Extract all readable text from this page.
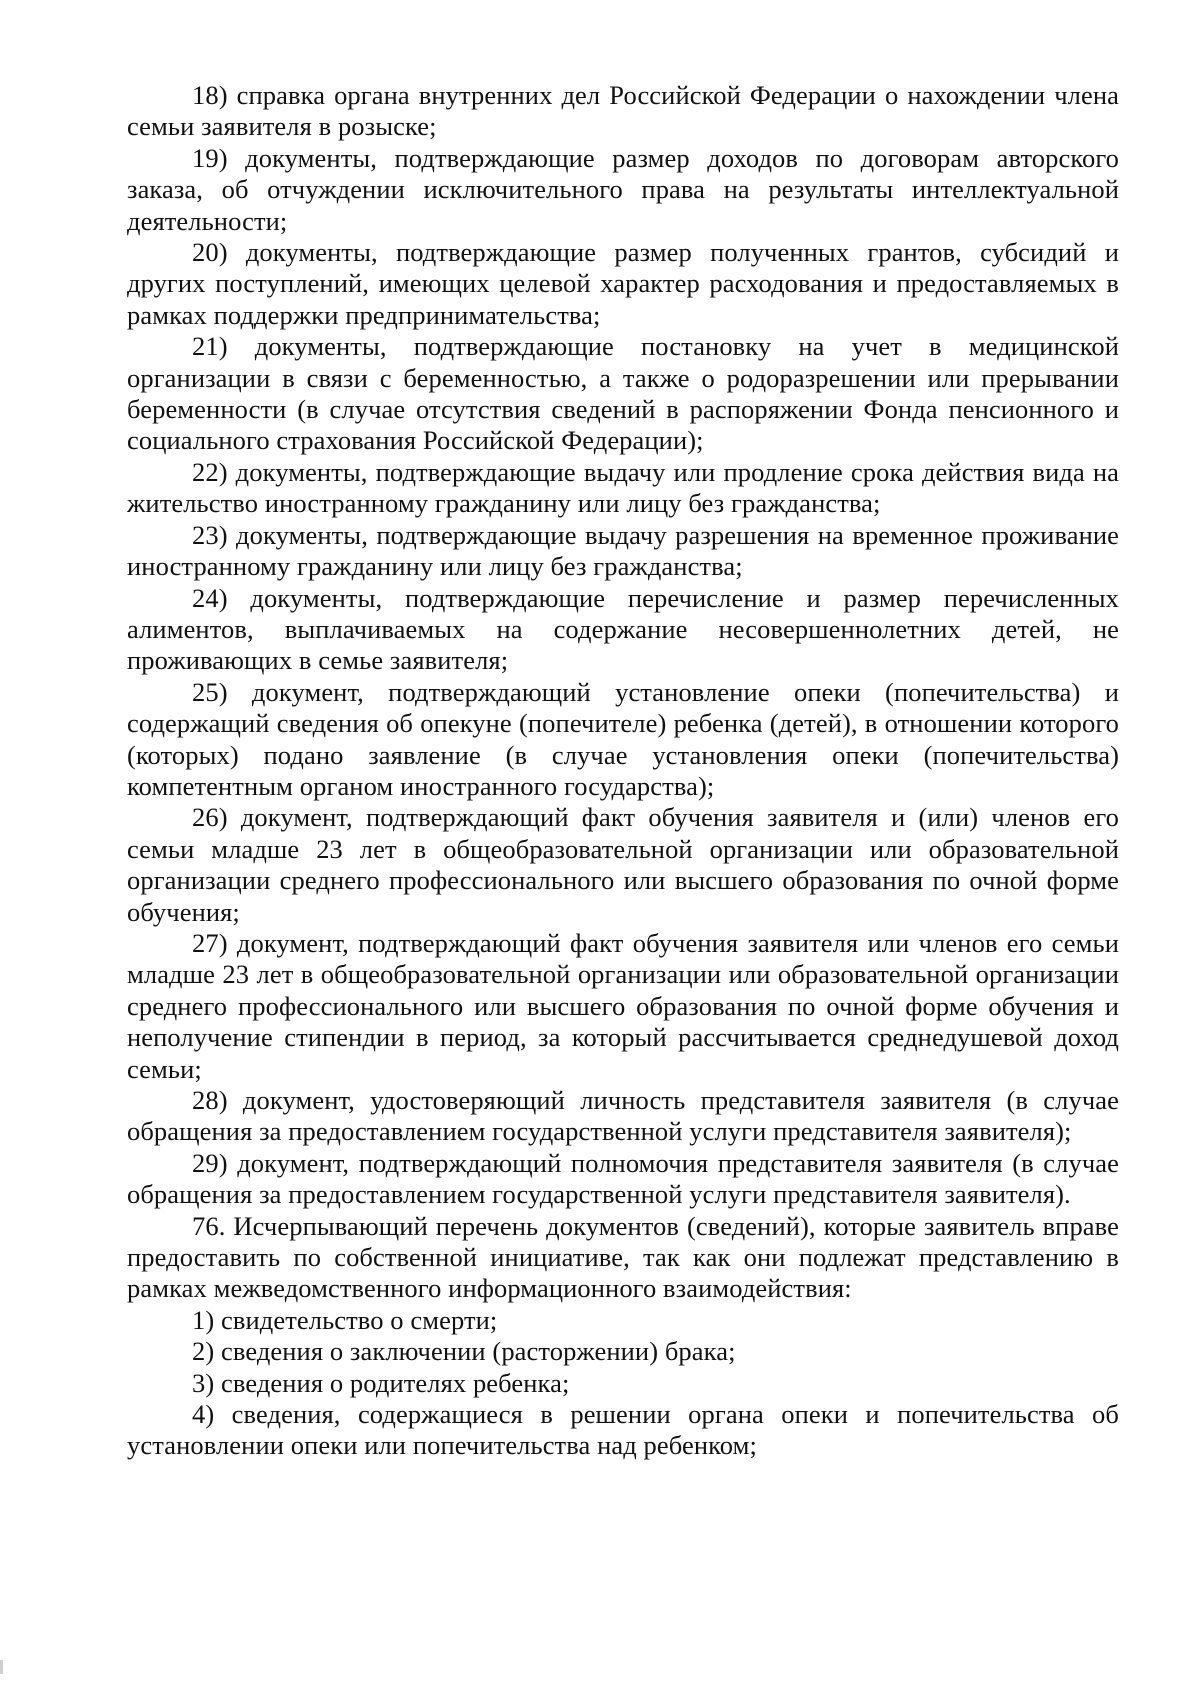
18) справка органа внутренних дел Российской Федерации о нахождении члена семьи заявителя в розыске;

19) документы, подтверждающие размер доходов по договорам авторского заказа, об отчуждении исключительного права на результаты интеллектуальной деятельности;

20) документы, подтверждающие размер полученных грантов, субсидий и других поступлений, имеющих целевой характер расходования и предоставляемых в рамках поддержки предпринимательства;

21) документы, подтверждающие постановку на учет в медицинской организации в связи с беременностью, а также о родоразрешении или прерывании беременности (в случае отсутствия сведений в распоряжении Фонда пенсионного и социального страхования Российской Федерации);

22) документы, подтверждающие выдачу или продление срока действия вида на жительство иностранному гражданину или лицу без гражданства;

23) документы, подтверждающие выдачу разрешения на временное проживание иностранному гражданину или лицу без гражданства;

24) документы, подтверждающие перечисление и размер перечисленных алиментов, выплачиваемых на содержание несовершеннолетних детей, не проживающих в семье заявителя;

25) документ, подтверждающий установление опеки (попечительства) и содержащий сведения об опекуне (попечителе) ребенка (детей), в отношении которого (которых) подано заявление (в случае установления опеки (попечительства) компетентным органом иностранного государства);

26) документ, подтверждающий факт обучения заявителя и (или) членов его семьи младше 23 лет в общеобразовательной организации или образовательной организации среднего профессионального или высшего образования по очной форме обучения;

27) документ, подтверждающий факт обучения заявителя или членов его семьи младше 23 лет в общеобразовательной организации или образовательной организации среднего профессионального или высшего образования по очной форме обучения и неполучение стипендии в период, за который рассчитывается среднедушевой доход семьи;

28) документ, удостоверяющий личность представителя заявителя (в случае обращения за предоставлением государственной услуги представителя заявителя);

29) документ, подтверждающий полномочия представителя заявителя (в случае обращения за предоставлением государственной услуги представителя заявителя).

76. Исчерпывающий перечень документов (сведений), которые заявитель вправе предоставить по собственной инициативе, так как они подлежат представлению в рамках межведомственного информационного взаимодействия:

1) свидетельство о смерти;

2) сведения о заключении (расторжении) брака;

3) сведения о родителях ребенка;

4) сведения, содержащиеся в решении органа опеки и попечительства об установлении опеки или попечительства над ребенком;
